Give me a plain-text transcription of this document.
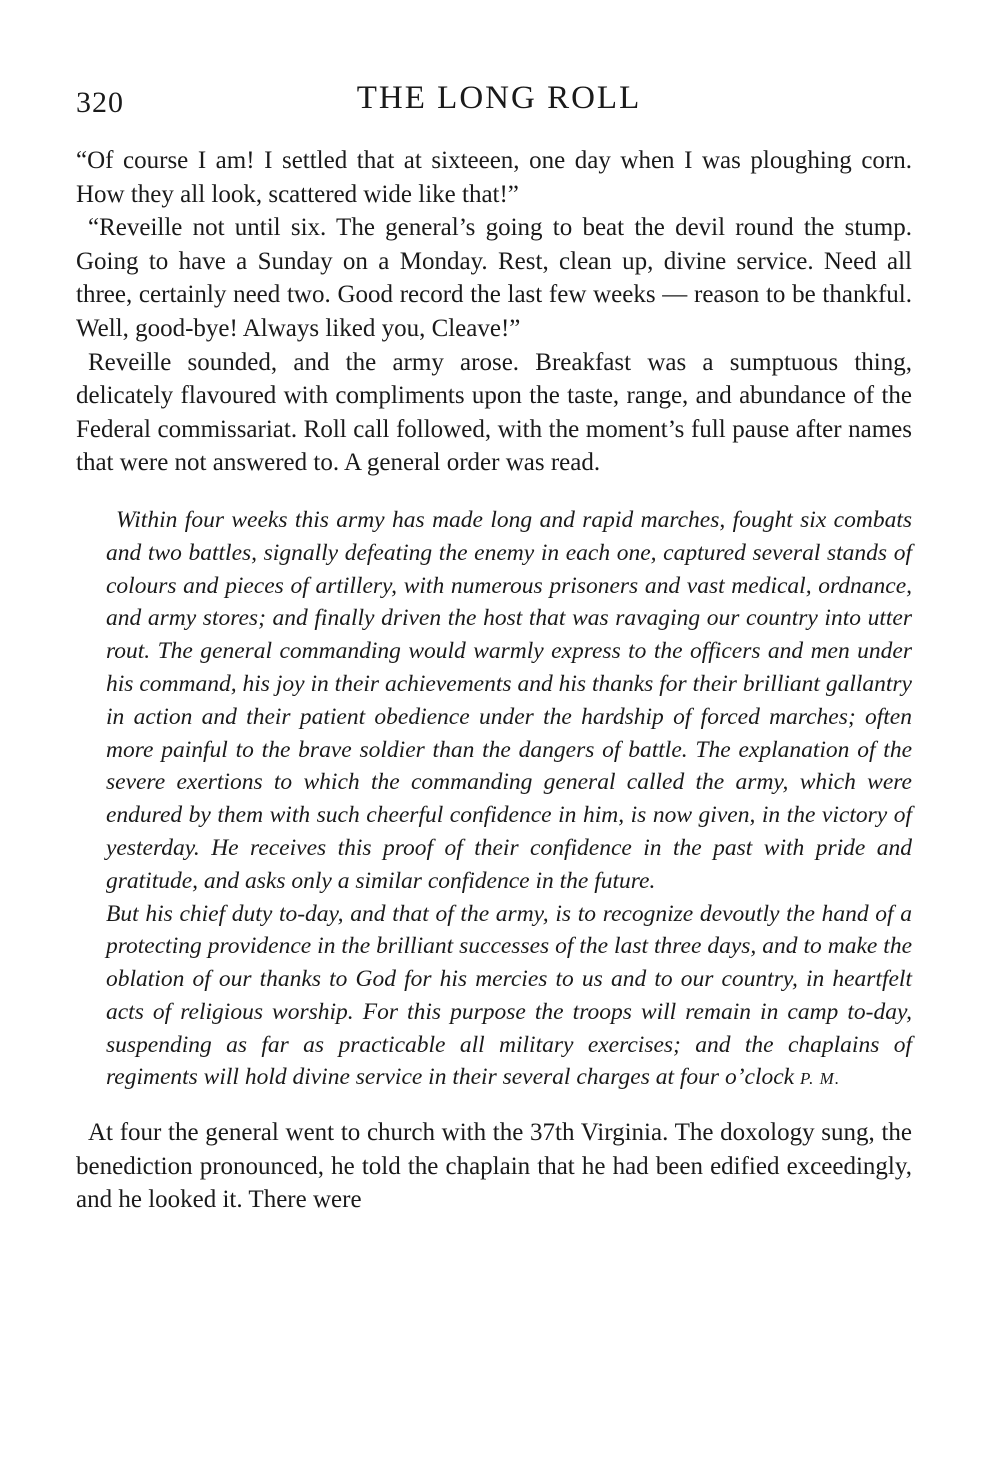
320	THE LONG ROLL

“Of course I am! I settled that at sixteeen, one day when I was ploughing corn. How they all look, scattered wide like that!”

“Reveille not until six. The general’s going to beat the devil round the stump. Going to have a Sunday on a Monday. Rest, clean up, divine service. Need all three, certainly need two. Good record the last few weeks — reason to be thankful. Well, good-bye! Always liked you, Cleave!”

Reveille sounded, and the army arose. Breakfast was a sumptuous thing, delicately flavoured with compliments upon the taste, range, and abundance of the Federal commissariat. Roll call followed, with the moment’s full pause after names that were not answered to. A general order was read.

Within four weeks this army has made long and rapid marches, fought six combats and two battles, signally defeating the enemy in each one, captured several stands of colours and pieces of artillery, with numerous prisoners and vast medical, ordnance, and army stores; and finally driven the host that was ravaging our country into utter rout. The general commanding would warmly express to the officers and men under his command, his joy in their achievements and his thanks for their brilliant gallantry in action and their patient obedience under the hardship of forced marches; often more painful to the brave soldier than the dangers of battle. The explanation of the severe exertions to which the commanding general called the army, which were endured by them with such cheerful confidence in him, is now given, in the victory of yesterday. He receives this proof of their confidence in the past with pride and gratitude, and asks only a similar confidence in the future.

But his chief duty to-day, and that of the army, is to recognize devoutly the hand of a protecting providence in the brilliant successes of the last three days, and to make the oblation of our thanks to God for his mercies to us and to our country, in heartfelt acts of religious worship. For this purpose the troops will remain in camp to-day, suspending as far as practicable all military exercises; and the chaplains of regiments will hold divine service in their several charges at four o’clock P. M.

At four the general went to church with the 37th Virginia. The doxology sung, the benediction pronounced, he told the chaplain that he had been edified exceedingly, and he looked it. There were
